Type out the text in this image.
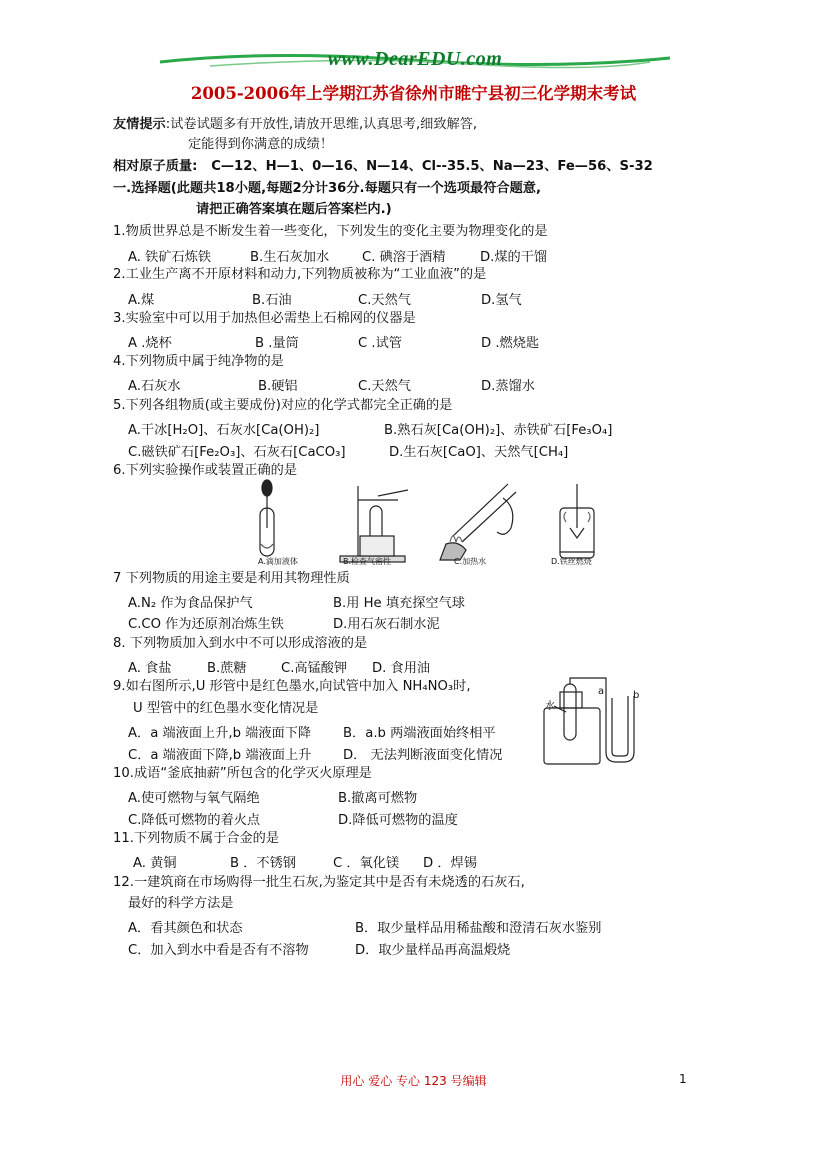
www.DearEDU.com
2005-2006年上学期江苏省徐州市睢宁县初三化学期末考试
友情提示:试卷试题多有开放性,请放开思维,认真思考,细致解答,
定能得到你满意的成绩！
相对原子质量: C—12、H—1、0—16、N—14、Cl--35.5、Na—23、Fe—56、S-32
一.选择题(此题共18小题,每题2分计36分.每题只有一个选项最符合题意,
请把正确答案填在题后答案栏内.)
1.物质世界总是不断发生着一些变化，下列发生的变化主要为物理变化的是
A. 铁矿石炼铁	B.生石灰加水 C. 碘溶于酒精	D.煤的干馏
2.工业生产离不开原材料和动力,下列物质被称为“工业血液”的是
A.煤	B.石油	C.天然气	D.氢气
3.实验室中可以用于加热但必需垫上石棉网的仪器是
A .烧杯	B .量筒	C .试管	D .燃烧匙
4.下列物质中属于纯净物的是
A.石灰水	B.硬铝	C.天然气	D.蒸馏水
5.下列各组物质(或主要成份)对应的化学式都完全正确的是
A.干冰[H₂O]、石灰水[Ca(OH)₂]	B.熟石灰[Ca(OH)₂]、赤铁矿石[Fe₃O₄]
C.磁铁矿石[Fe₂O₃]、石灰石[CaCO₃]	D.生石灰[CaO]、天然气[CH₄]
6.下列实验操作或装置正确的是
A.滴加液体	B.检查气密性	C.加热水	D.铁丝燃烧
7 下列物质的用途主要是利用其物理性质
A.N₂ 作为食品保护气	B.用 He 填充探空气球
C.CO 作为还原剂冶炼生铁	D.用石灰石制水泥
8. 下列物质加入到水中不可以形成溶液的是
A. 食盐	B.蔗糖	C.高锰酸钾 D. 食用油
9.如右图所示,U 形管中是红色墨水,向试管中加入 NH₄NO₃时,
U 型管中的红色墨水变化情况是
A．a 端液面上升,b 端液面下降 B．a.b 两端液面始终相平
C．a 端液面下降,b 端液面上升 D． 无法判断液面变化情况
水
a	b
10.成语“釜底抽薪”所包含的化学灭火原理是
A.使可燃物与氧气隔绝	B.撤离可燃物
C.降低可燃物的着火点	D.降低可燃物的温度
11.下列物质不属于合金的是
A. 黄铜	B ．不锈钢	C ．氧化镁 D ．焊锡
12.一建筑商在市场购得一批生石灰,为鉴定其中是否有未烧透的石灰石,
最好的科学方法是
A．看其颜色和状态	B．取少量样品用稀盐酸和澄清石灰水鉴别
C．加入到水中看是否有不溶物	D．取少量样品再高温煅烧
用心 爱心 专心 123 号编辑	1
